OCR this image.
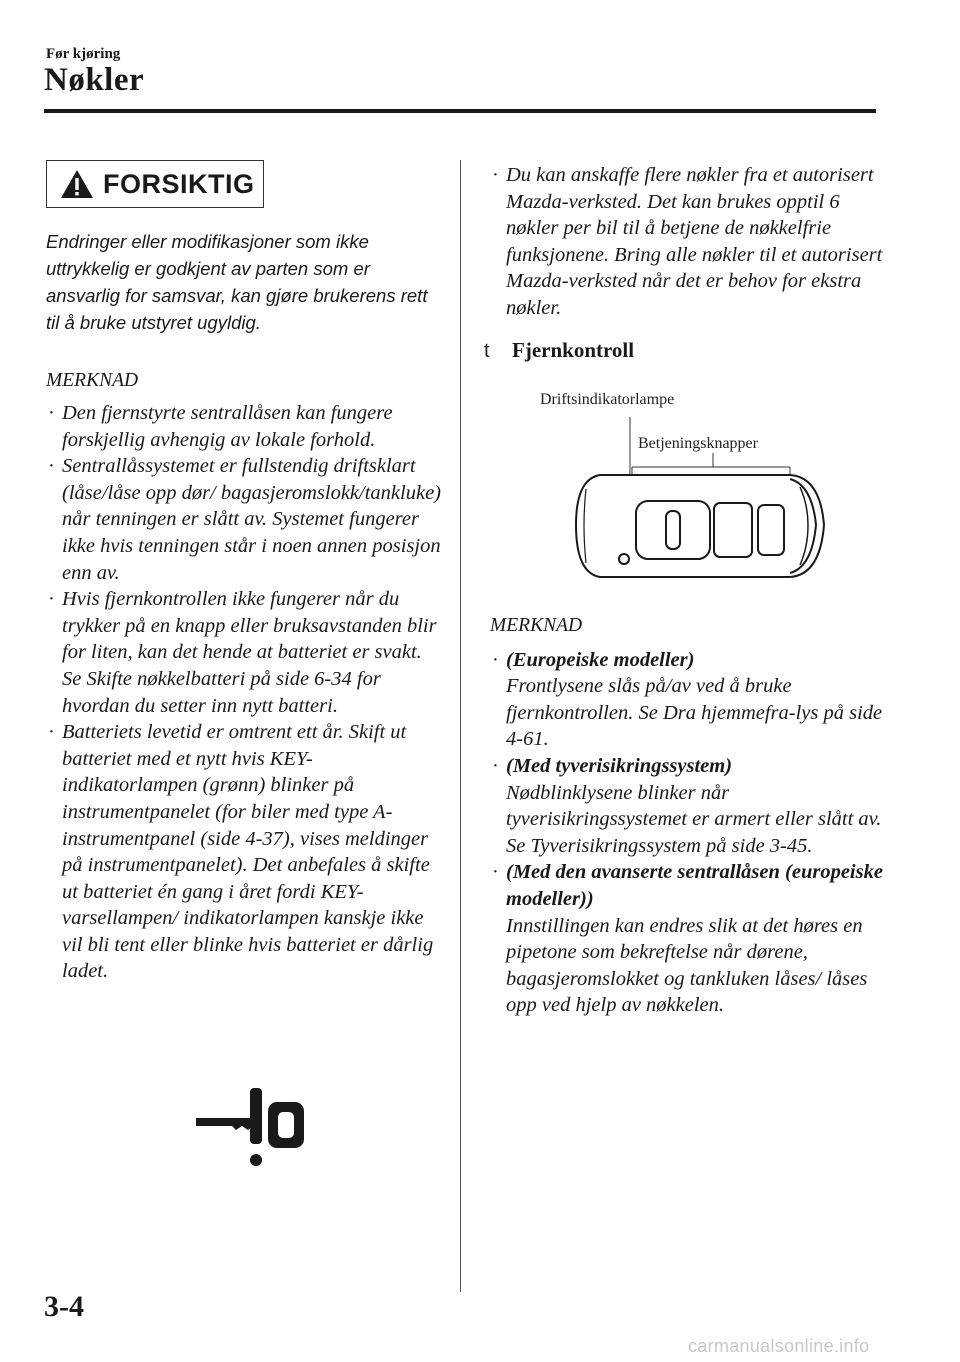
Før kjøring
Nøkler
FORSIKTIG
Endringer eller modifikasjoner som ikke uttrykkelig er godkjent av parten som er ansvarlig for samsvar, kan gjøre brukerens rett til å bruke utstyret ugyldig.
MERKNAD
· Den fjernstyrte sentrallåsen kan fungere forskjellig avhengig av lokale forhold.
· Sentrallåssystemet er fullstendig driftsklart (låse/låse opp dør/ bagasjeromslokk/tankluke) når tenningen er slått av. Systemet fungerer ikke hvis tenningen står i noen annen posisjon enn av.
· Hvis fjernkontrollen ikke fungerer når du trykker på en knapp eller bruksavstanden blir for liten, kan det hende at batteriet er svakt. Se Skifte nøkkelbatteri på side 6-34 for hvordan du setter inn nytt batteri.
· Batteriets levetid er omtrent ett år. Skift ut batteriet med et nytt hvis KEY-indikatorlampen (grønn) blinker på instrumentpanelet (for biler med type A-instrumentpanel (side 4-37), vises meldinger på instrumentpanelet). Det anbefales å skifte ut batteriet én gang i året fordi KEY-varsellampen/ indikatorlampen kanskje ikke vil bli tent eller blinke hvis batteriet er dårlig ladet.
· Du kan anskaffe flere nøkler fra et autorisert Mazda-verksted. Det kan brukes opptil 6 nøkler per bil til å betjene de nøkkelfrie funksjonene. Bring alle nøkler til et autorisert Mazda-verksted når det er behov for ekstra nøkler.
t	Fjernkontroll
Driftsindikatorlampe
Betjeningsknapper
MERKNAD
· (Europeiske modeller)
Frontlysene slås på/av ved å bruke fjernkontrollen. Se Dra hjemmefra-lys på side 4-61.
· (Med tyverisikringssystem)
Nødblinklysene blinker når tyverisikringssystemet er armert eller slått av. Se Tyverisikringssystem på side 3-45.
· (Med den avanserte sentrallåsen (europeiske modeller))
Innstillingen kan endres slik at det høres en pipetone som bekreftelse når dørene, bagasjeromslokket og tankluken låses/ låses opp ved hjelp av nøkkelen.
3-4
carmanualsonline.info
